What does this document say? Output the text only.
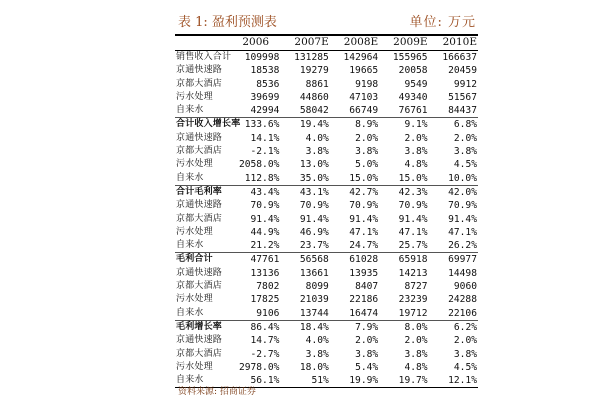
表 1: 盈利预测表	单位: 万元
	2006	2007E	2008E	2009E	2010E
销售收入合计	109998	131285	142964	155965	166637
京通快速路	18538	19279	19665	20058	20459
京都大酒店	8536	8861	9198	9549	9912
污水处理	39699	44860	47103	49340	51567
自来水	42994	58042	66749	76761	84437
合计收入增长率	133.6%	19.4%	8.9%	9.1%	6.8%
京通快速路	14.1%	4.0%	2.0%	2.0%	2.0%
京都大酒店	-2.1%	3.8%	3.8%	3.8%	3.8%
污水处理	2058.0%	13.0%	5.0%	4.8%	4.5%
自来水	112.8%	35.0%	15.0%	15.0%	10.0%
合计毛利率	43.4%	43.1%	42.7%	42.3%	42.0%
京通快速路	70.9%	70.9%	70.9%	70.9%	70.9%
京都大酒店	91.4%	91.4%	91.4%	91.4%	91.4%
污水处理	44.9%	46.9%	47.1%	47.1%	47.1%
自来水	21.2%	23.7%	24.7%	25.7%	26.2%
毛利合计	47761	56568	61028	65918	69977
京通快速路	13136	13661	13935	14213	14498
京都大酒店	7802	8099	8407	8727	9060
污水处理	17825	21039	22186	23239	24288
自来水	9106	13744	16474	19712	22106
毛利增长率	86.4%	18.4%	7.9%	8.0%	6.2%
京通快速路	14.7%	4.0%	2.0%	2.0%	2.0%
京都大酒店	-2.7%	3.8%	3.8%	3.8%	3.8%
污水处理	2978.0%	18.0%	5.4%	4.8%	4.5%
自来水	56.1%	51%	19.9%	19.7%	12.1%
资料来源: 招商证券
